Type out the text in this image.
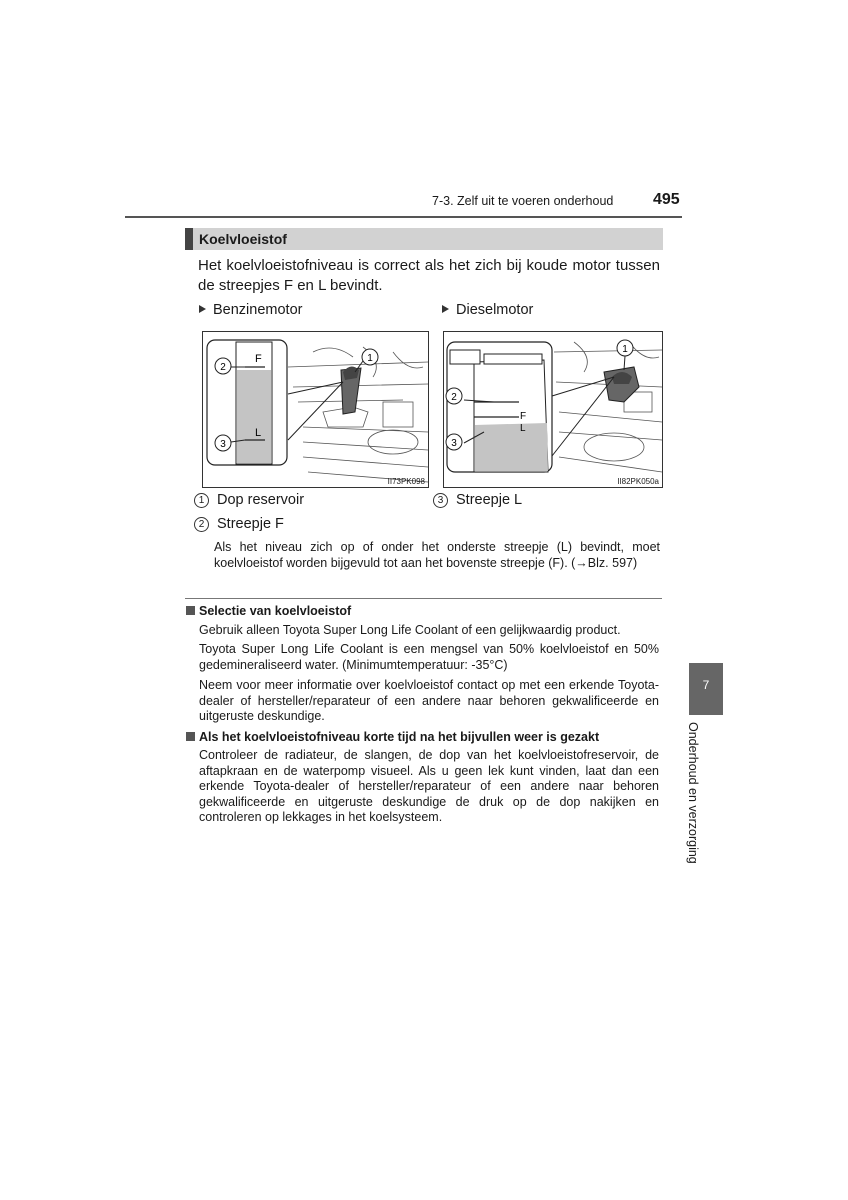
7-3. Zelf uit te voeren onderhoud 495
Koelvloeistof
Het koelvloeistofniveau is correct als het zich bij koude motor tussen de streepjes F en L bevindt.
Benzinemotor	Dieselmotor
F
L
2
3
1
II73PK098
F
L
2
3
1
II82PK050a
1 Dop reservoir	3 Streepje L
2 Streepje F
Als het niveau zich op of onder het onderste streepje (L) bevindt, moet koelvloeistof worden bijgevuld tot aan het bovenste streepje (F). (→Blz. 597)
Selectie van koelvloeistof
Gebruik alleen Toyota Super Long Life Coolant of een gelijkwaardig product.
Toyota Super Long Life Coolant is een mengsel van 50% koelvloeistof en 50% gedemineraliseerd water. (Minimumtemperatuur: -35°C)
Neem voor meer informatie over koelvloeistof contact op met een erkende Toyota-dealer of hersteller/reparateur of een andere naar behoren gekwalificeerde en uitgeruste deskundige.
Als het koelvloeistofniveau korte tijd na het bijvullen weer is gezakt
Controleer de radiateur, de slangen, de dop van het koelvloeistofreservoir, de aftapkraan en de waterpomp visueel. Als u geen lek kunt vinden, laat dan een erkende Toyota-dealer of hersteller/reparateur of een andere naar behoren gekwalificeerde en uitgeruste deskundige de druk op de dop nakijken en controleren op lekkages in het koelsysteem.
7
Onderhoud en verzorging
